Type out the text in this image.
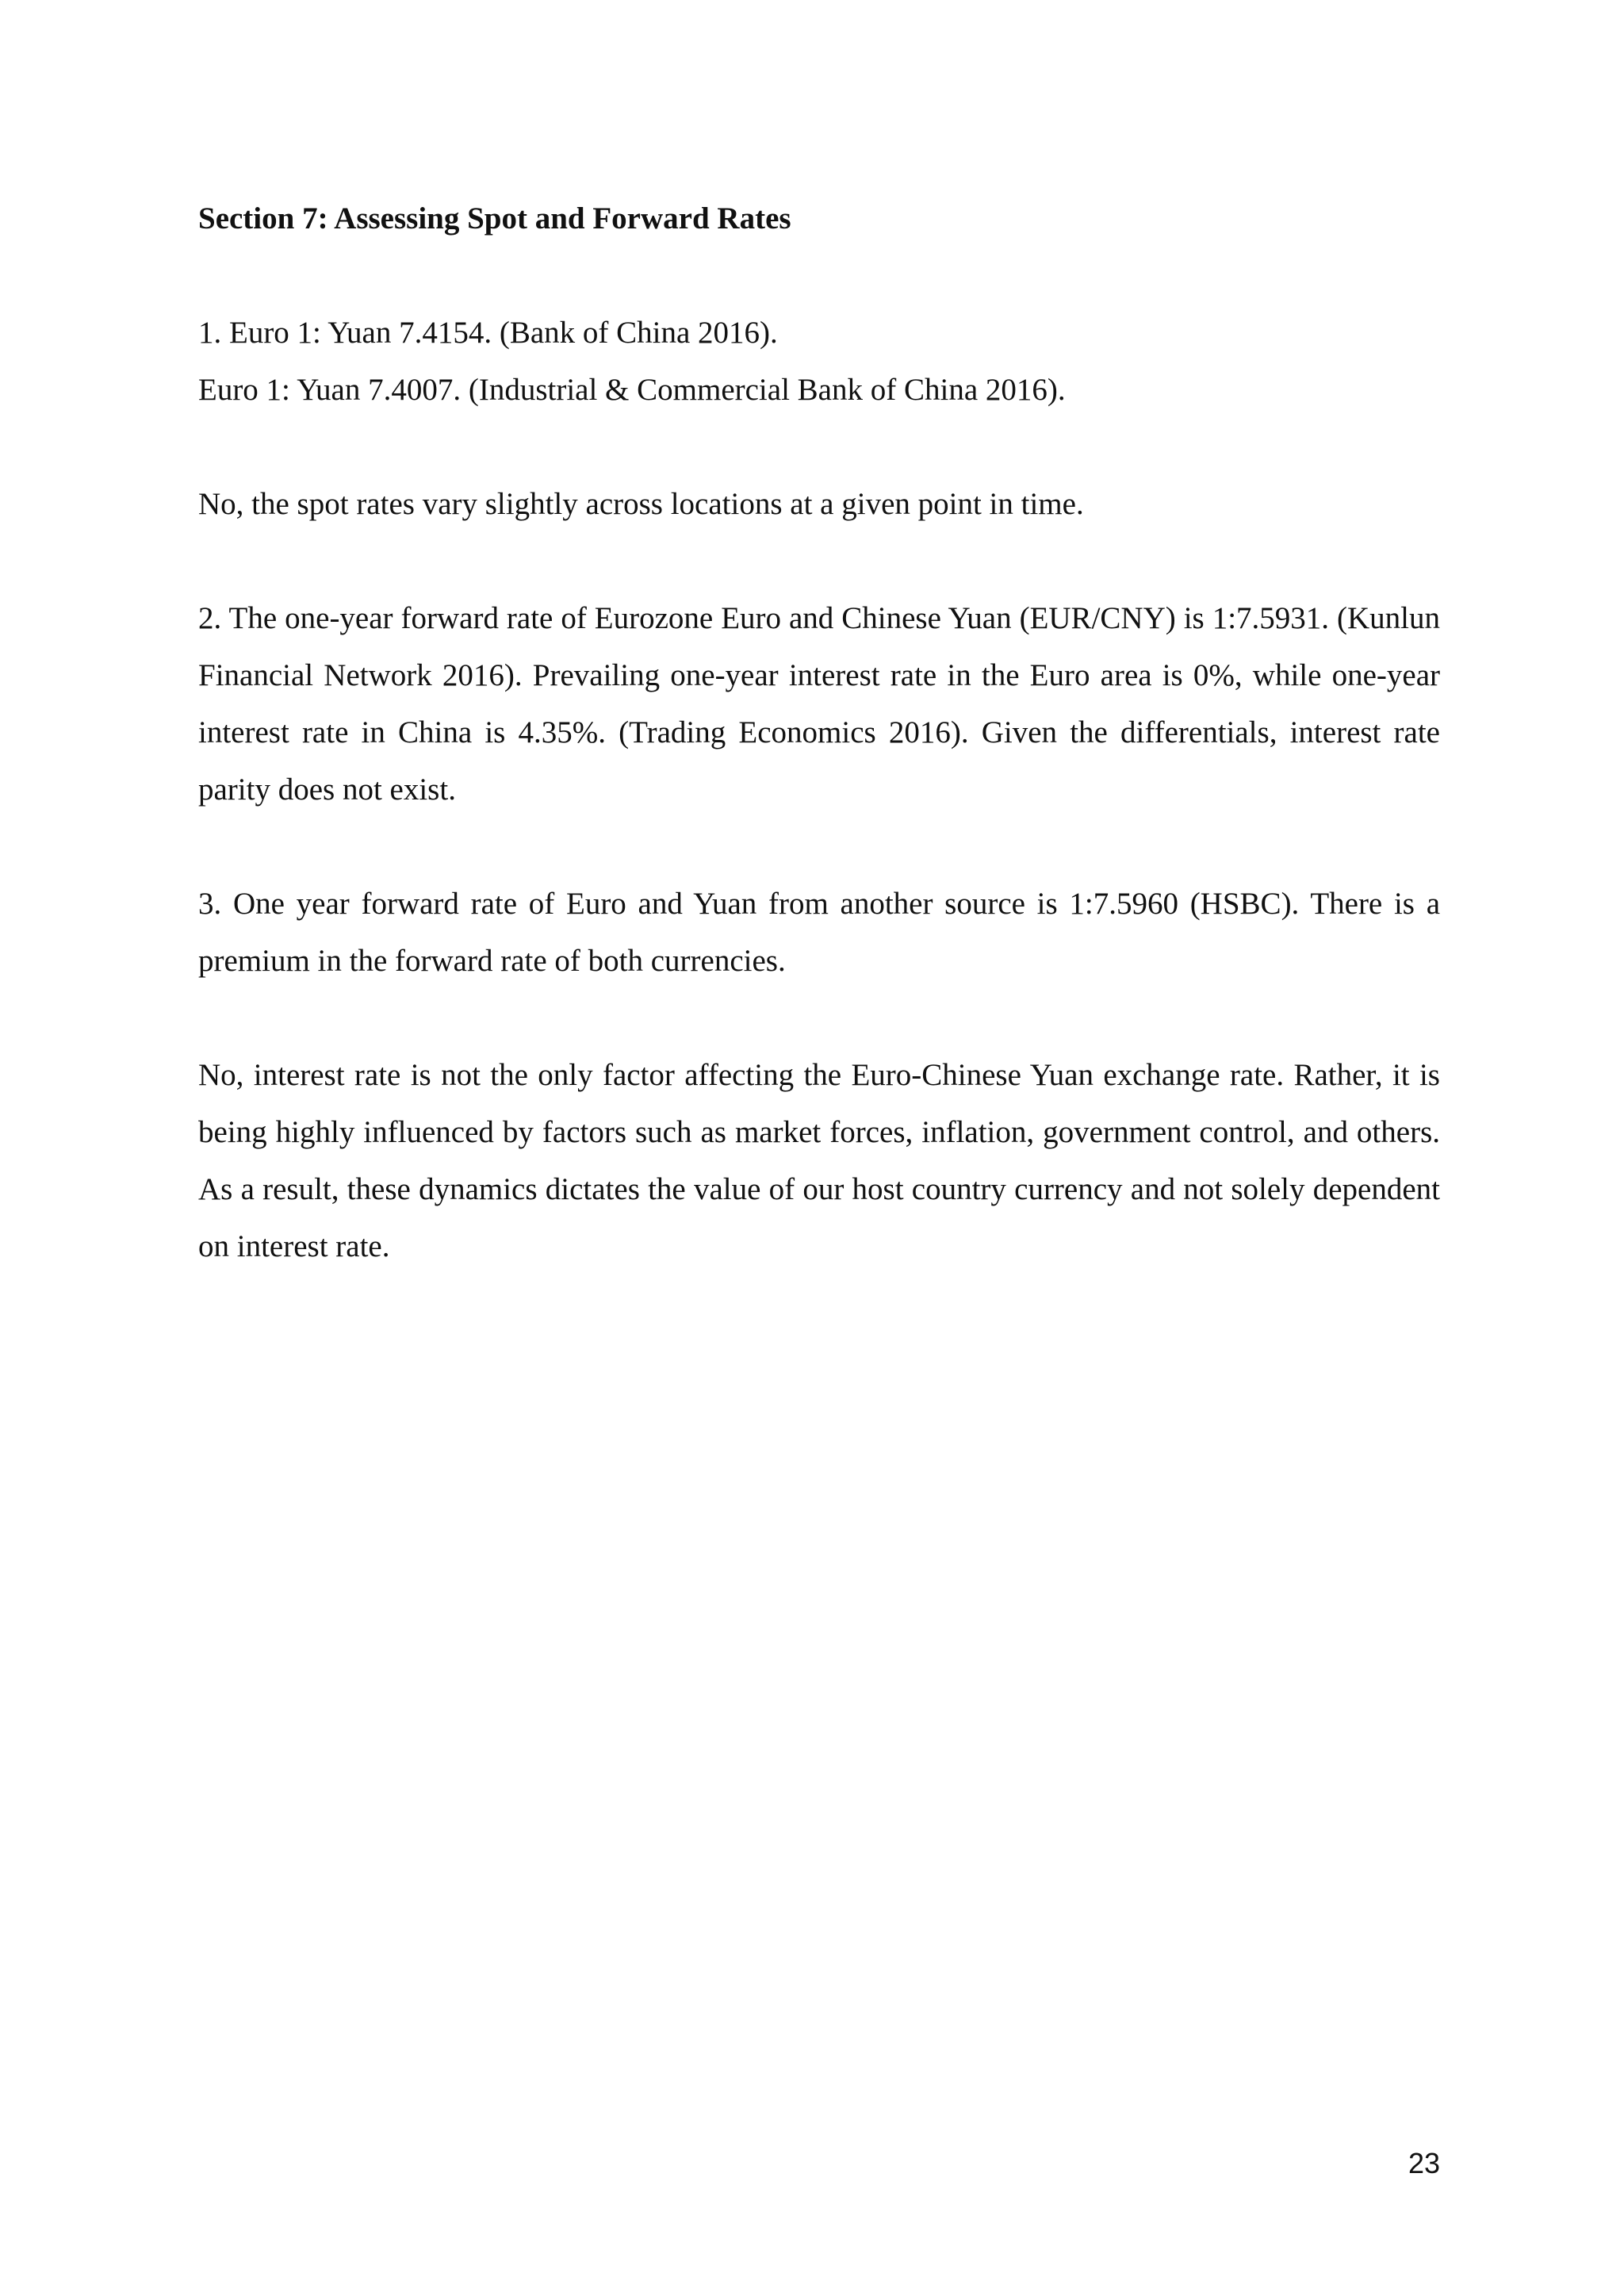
Section 7: Assessing Spot and Forward Rates

1. Euro 1: Yuan 7.4154. (Bank of China 2016).

Euro 1: Yuan 7.4007. (Industrial & Commercial Bank of China 2016).

No, the spot rates vary slightly across locations at a given point in time.

2. The one-year forward rate of Eurozone Euro and Chinese Yuan (EUR/CNY) is 1:7.5931. (Kunlun Financial Network 2016). Prevailing one-year interest rate in the Euro area is 0%, while one-year interest rate in China is 4.35%. (Trading Economics 2016). Given the differentials, interest rate parity does not exist.

3. One year forward rate of Euro and Yuan from another source is 1:7.5960 (HSBC). There is a premium in the forward rate of both currencies.

No, interest rate is not the only factor affecting the Euro-Chinese Yuan exchange rate. Rather, it is being highly influenced by factors such as market forces, inflation, government control, and others. As a result, these dynamics dictates the value of our host country currency and not solely dependent on interest rate.

23
